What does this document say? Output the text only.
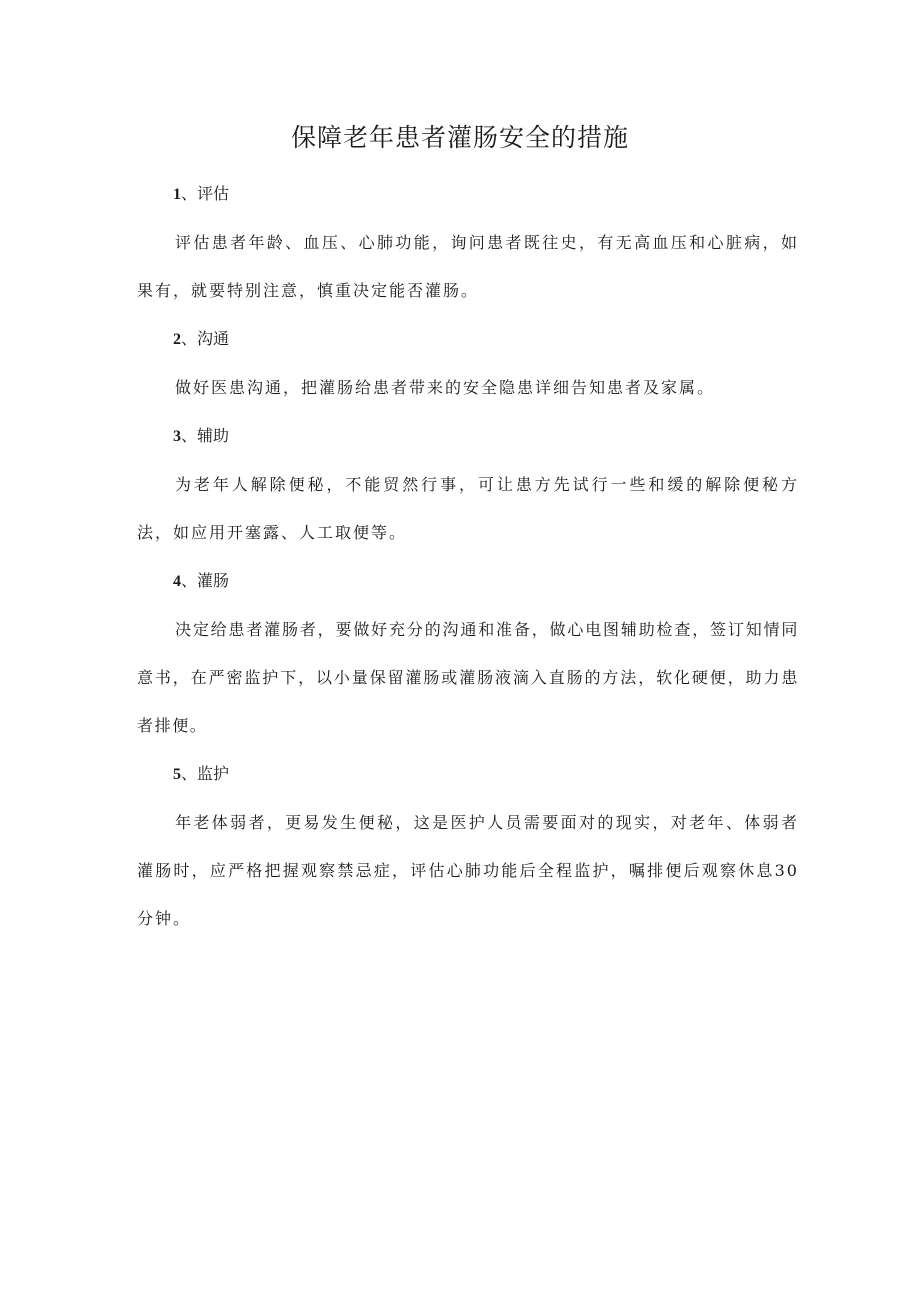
保障老年患者灌肠安全的措施

1、评估

评估患者年龄、血压、心肺功能，询问患者既往史，有无高血压和心脏病，如果有，就要特别注意，慎重决定能否灌肠。

2、沟通

做好医患沟通，把灌肠给患者带来的安全隐患详细告知患者及家属。

3、辅助

为老年人解除便秘，不能贸然行事，可让患方先试行一些和缓的解除便秘方法，如应用开塞露、人工取便等。

4、灌肠

决定给患者灌肠者，要做好充分的沟通和准备，做心电图辅助检查，签订知情同意书，在严密监护下，以小量保留灌肠或灌肠液滴入直肠的方法，软化硬便，助力患者排便。

5、监护

年老体弱者，更易发生便秘，这是医护人员需要面对的现实，对老年、体弱者灌肠时，应严格把握观察禁忌症，评估心肺功能后全程监护，嘱排便后观察休息30分钟。
